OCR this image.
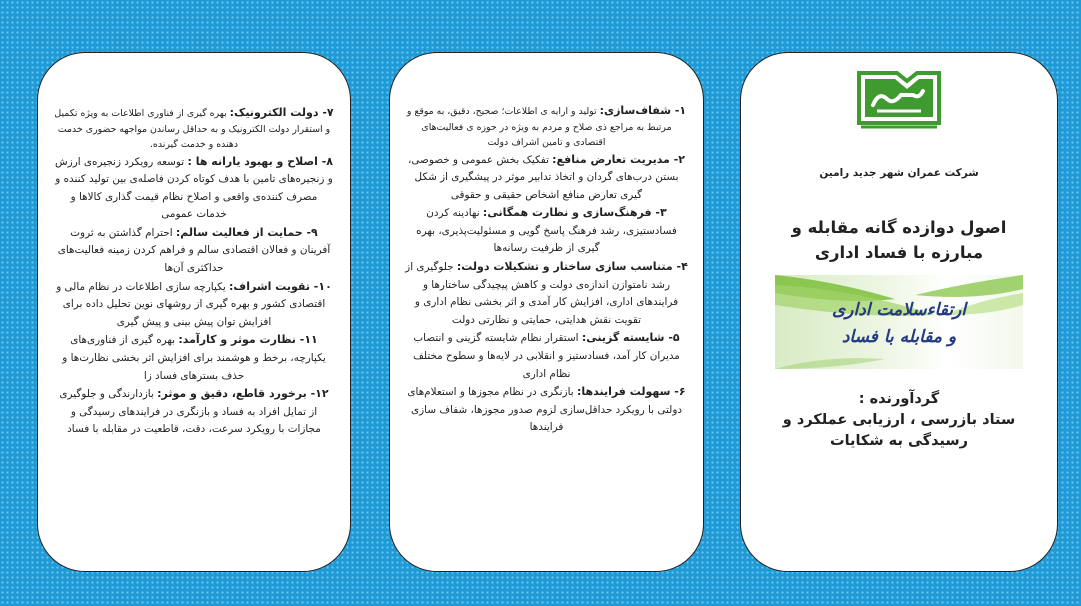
۷- دولت الکترونیک: بهره گیری از فناوری اطلاعات به ویژه تکمیل و استقرار دولت الکترونیک و به حداقل رساندن مواجهه حضوری خدمت دهنده و خدمت گیرنده.

۸- اصلاح و بهبود یارانه ها : توسعه رویکرد زنجیره‌ی ارزش و زنجیره‌های تامین با هدف کوتاه کردن فاصله‌ی بین تولید کننده و مصرف کننده‌ی واقعی و اصلاح نظام قیمت گذاری کالاها و خدمات عمومی

۹- حمایت از فعالیت سالم: احترام گذاشتن به ثروت آفرینان و فعالان اقتصادی سالم و فراهم کردن زمینه فعالیت‌های حداکثری آن‌ها

۱۰- تقویت اشراف: یکپارچه سازی اطلاعات در نظام مالی و اقتصادی کشور و بهره گیری از روشهای نوین تحلیل داده برای افزایش توان پیش بینی و پیش گیری

۱۱- نظارت موثر و کارآمد: بهره گیری از فناوری‌های یکپارچه، برخط و هوشمند برای افزایش اثر بخشی نظارت‌ها و حذف بسترهای فساد زا

۱۲- برخورد قاطع، دقیق و موثر: بازدارندگی و جلوگیری از تمایل افراد به فساد و بازنگری در فرایندهای رسیدگی و مجازات با رویکرد سرعت، دقت، قاطعیت در مقابله با فساد

۱- شفاف‌سازی: تولید و ارایه ی اطلاعات؛ صحیح، دقیق، به موقع و مرتبط به مراجع ذی صلاح و مردم به ویژه در حوزه ی فعالیت‌های اقتصادی و تامین اشراف دولت

۲- مدیریت تعارض منافع: تفکیک بخش عمومی و خصوصی، بستن درب‌های گردان و اتخاذ تدابیر موثر در پیشگیری از شکل گیری تعارض منافع اشخاص حقیقی و حقوقی

۳- فرهنگ‌سازی و نظارت همگانی: نهادینه کردن فسادستیزی، رشد فرهنگ پاسخ گویی و مسئولیت‌پذیری، بهره گیری از ظرفیت رسانه‌ها

۴- متناسب سازی ساختار و تشکیلات دولت: جلوگیری از رشد نامتوازن اندازه‌ی دولت و کاهش پیچیدگی ساختارها و فرایندهای اداری، افزایش کار آمدی و اثر بخشی نظام اداری و تقویت نقش هدایتی، حمایتی و نظارتی دولت

۵- شایسته گزینی: استقرار نظام شایسته گزینی و انتصاب مدیران کار آمد، فسادستیز و انقلابی در لایه‌ها و سطوح مختلف نظام اداری

۶- سهولت فرایندها: بازنگری در نظام مجوزها و استعلام‌های دولتی با رویکرد حداقل‌سازی لزوم صدور مجوزها، شفاف سازی فرایندها

شرکت عمران شهر جدید رامین
اصول دوازده گانه مقابله و مبارزه با فساد اداری
ارتقاءسلامت اداری
و مقابله با فساد
گردآورنده :
ستاد بازرسی ، ارزیابی عملکرد و رسیدگی به شکایات
